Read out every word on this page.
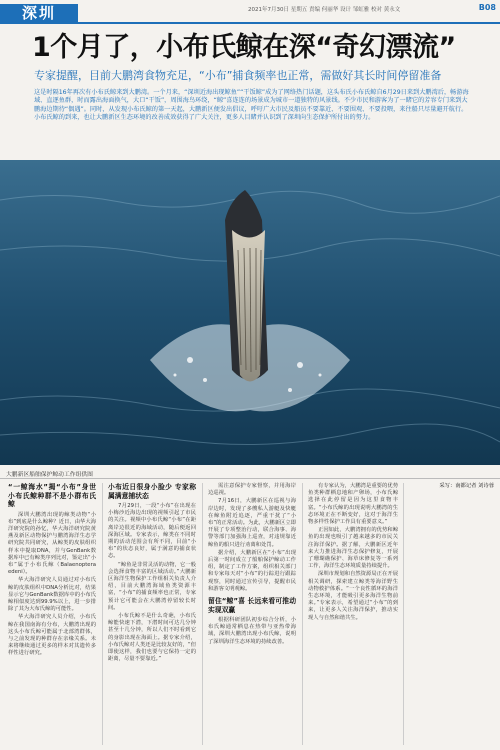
深圳	2021年7月30日 星期五 責编 何丽华 设计 邹虹雅 校对 黄永文	B08
1个月了，小布氏鲸在深“奇幻漂流”
专家提醒，目前大鹏湾食物充足，“小布”捕食频率也正常，需做好其长时间停留准备
这是时隔16年再次有小布氏鲸来到大鹏湾。一个月来，“深圳近海出现鲸鱼”“干饭鲸”成为了网络热门话题，这头布氏小布氏鲸自6月29日来到大鹏湾后，畅游海域、直逐鱼群，时而露出海面换气，大口“干饭”，周围海鸟环绕，“鲸”喜连连的场景成为城市一道独特的风景线。不少市民和游客为了一睹它的芳容专门来到大鹏海边期待“偶遇”。同时，从发现小布氏鲸的第一天起，大鹏新区便发出倡议，呼吁广大市民及船员不要靠近、不要围观、不要投喂，来往船只尽量避开航行。小布氏鲸的到来，也让大鹏新区生态环境的改善成效获得了广大关注，更多人目睹并认识到了深圳向生态保护所付出的努力。
大鹏新区船舶保护鲸动工作组供图
“一鲸海水”揭“小布”身世 小布氏鲸种群不是小群布氏鲸

深圳大鹏湾出现的鲸类动物“小布”到底是什么鲸种？近日，由华大海洋研究院的孙忆，华大海洋研究院黄燕及新区动物保护与鹏湾海洋生态学研究院共同研究，从鲸类的皮肤组织样本中提取DNA，并与GenBank数据库中已有鲸类序列比对，鉴定出“小布”属于小布氏鲸（Balaenoptera edeni）。

华大海洋研究人员通过对小布氏鲸的皮肤组织中DNA分析比对，结果显示它与GenBank数据库中的小布氏鲸相似度达到99.9%以上，进一步排除了其为大布氏鲸的可能性。

华大海洋研究人员介绍，小布氏鲸在我国南海有分布，大鹏湾出现的这头小布氏鲸可能属于北部湾群体，与之前发现的种群存在亲缘关系。未来将继续通过更多的样本对其遗传多样性进行研究。

小布近日很身小脸少 专家称属满意捕状态

7月29日，一段“小布”在出现在小梅沙近海边出现的视频引起了市民的关注。视频中小布氏鲸“小布”在距离岸边很近的海域活动，随后便返回深海区域。专家表示，鲸类在不同时期的活动范围会有所不同，目前“小布”的状态良好，属于满意的捕食状态。

“鲸鱼是非常灵活的动物，它一般会选择食物丰富的区域活动。”大鹏新区海洋生物保护工作组相关负责人介绍，目前大鹏湾海域鱼类资源丰富，“小布”的捕食频率也正常，专家预计它可能会在大鹏湾停留较长时间。

小布氏鲸不是什么奇葩，小布氏鲸能快速下潜，下潜时间可达几分钟甚至十几分钟，所以人们不时看到它的身影出现在海面上。据专家介绍，小布氏鲸对人类还是比较友好的，“但即使这样，我们也要与它保持一定的距离，尽量不要靠近。”

需注意保护专家督察，并用海岸边巡视。

7月16日，大鹏新区在巡视与海岸边时，发现了多艘私人游艇及快艇在鲸鱼附近追逐，严重干扰了“小布”的正常活动。为此，大鹏新区立即开展了专项整治行动，联合海事、海警等部门加强海上巡查，对违规靠近鲸鱼的船只进行劝离和处罚。

据介绍，大鹏新区在“小布”出现后第一时间成立了船舶保护鲸动工作组，制定了工作方案，组织相关部门和专家每天对“小布”的行踪进行跟踪观察，同时通过宣传引导，提醒市民和游客文明观鲸。

留住“鲸”喜 长远来看可推动实现双赢

根据科研团队初步综合分析，小布氏鲸通常栖息在热带与亚热带海域，深圳大鹏湾出现小布氏鲸，说明了深圳海洋生态环境的持续改善。

有专家认为，大鹏湾是重要的优势鱼类种群栖息地和产卵场，小布氏鲸选择在此停留是因为这里食物丰富。“小布氏鲸的出现说明大鹏湾的生态环境正在不断变好，这对于海洋生物多样性保护工作具有重要意义。”

正因如此，大鹏湾拥有的优势和鲸鱼的出现也吸引了越来越多的市民关注海洋保护。据了解，大鹏新区近年来大力推进海洋生态保护修复，开展了珊瑚礁保护、海草床修复等一系列工作，海洋生态环境质量持续提升。

深圳市规划和自然资源局正在开展相关调研，探索建立鲸类等海洋野生动物救护体系。“一个良性循环的海洋生态环境，才能吸引更多海洋生物前来。”专家表示，希望通过“小布”的到来，让更多人关注海洋保护，推动实现人与自然和谐共生。

采写：南都记者 刘诗蓉
